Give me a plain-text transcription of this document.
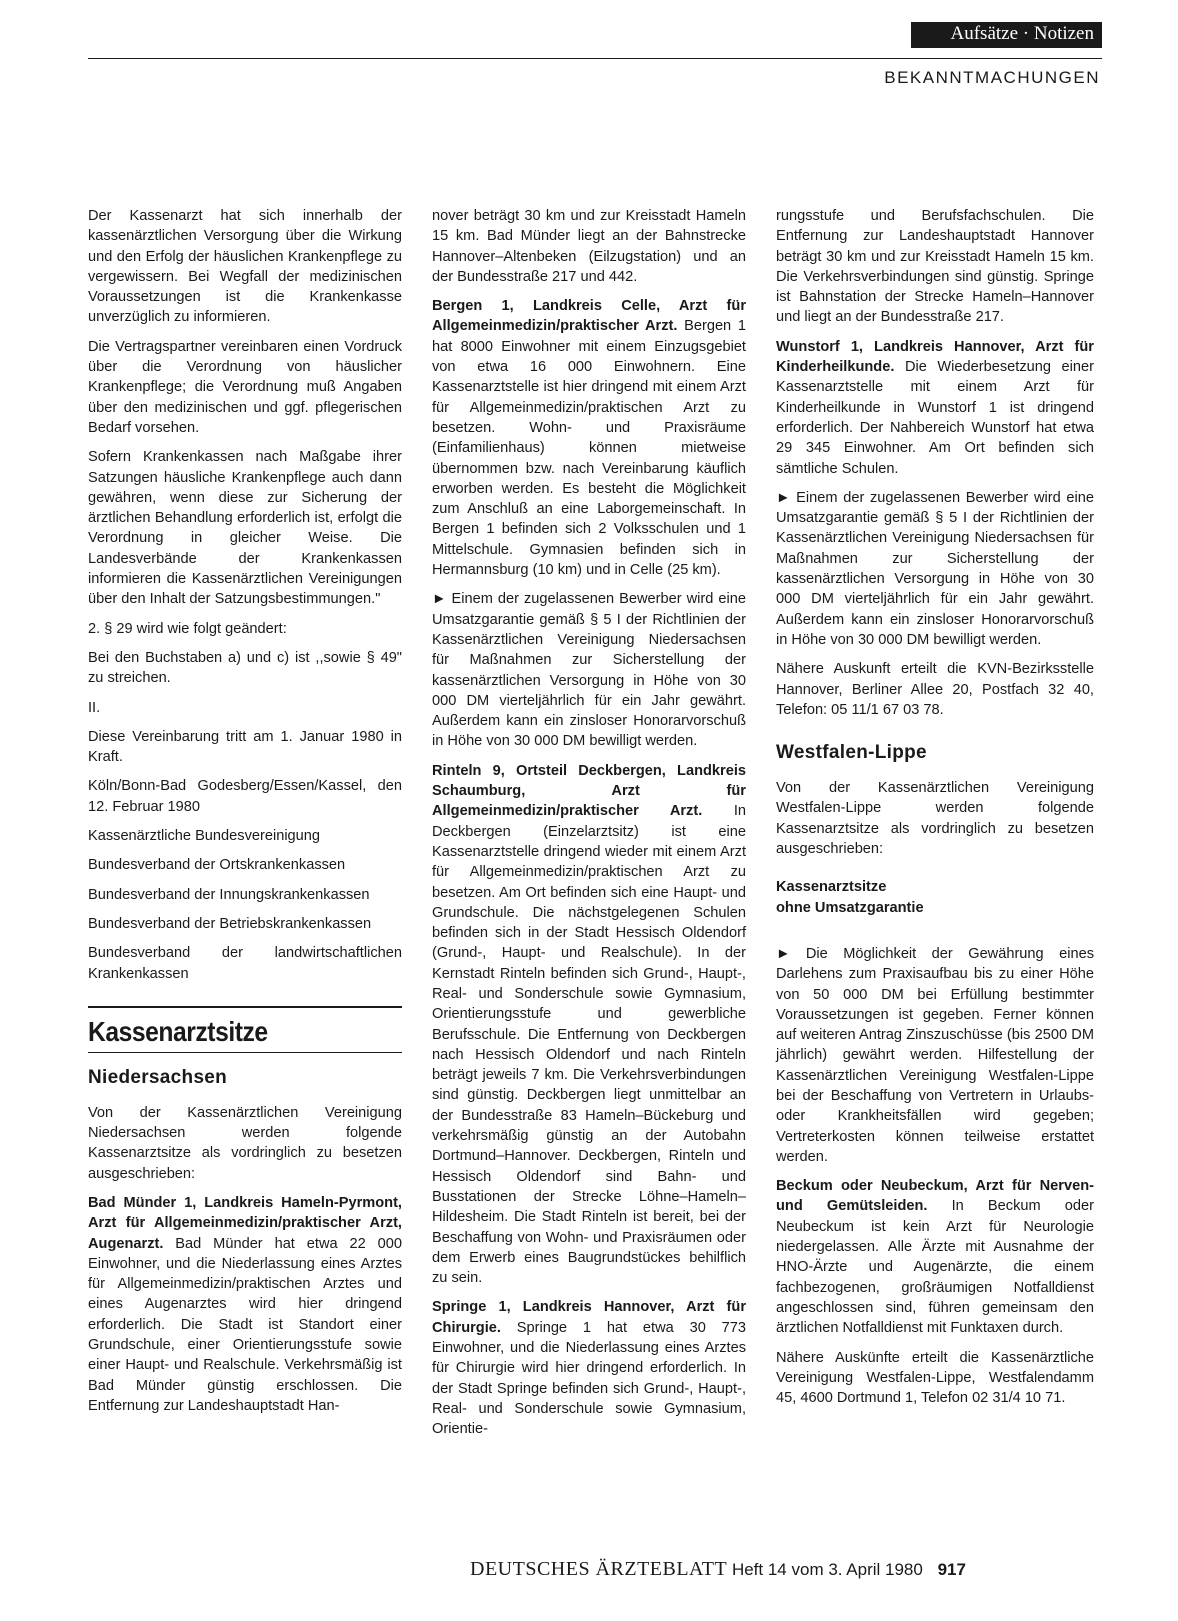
Aufsätze · Notizen
BEKANNTMACHUNGEN

Der Kassenarzt hat sich innerhalb der kassenärztlichen Versorgung über die Wirkung und den Erfolg der häuslichen Krankenpflege zu vergewissern. Bei Wegfall der medizinischen Voraussetzungen ist die Krankenkasse unverzüglich zu informieren.

Die Vertragspartner vereinbaren einen Vordruck über die Verordnung von häuslicher Krankenpflege; die Verordnung muß Angaben über den medizinischen und ggf. pflegerischen Bedarf vorsehen.

Sofern Krankenkassen nach Maßgabe ihrer Satzungen häusliche Krankenpflege auch dann gewähren, wenn diese zur Sicherung der ärztlichen Behandlung erforderlich ist, erfolgt die Verordnung in gleicher Weise. Die Landesverbände der Krankenkassen informieren die Kassenärztlichen Vereinigungen über den Inhalt der Satzungsbestimmungen."

2. § 29 wird wie folgt geändert:

Bei den Buchstaben a) und c) ist ,,sowie § 49" zu streichen.

II.

Diese Vereinbarung tritt am 1. Januar 1980 in Kraft.

Köln/Bonn-Bad Godesberg/Essen/Kassel, den 12. Februar 1980

Kassenärztliche Bundesvereinigung

Bundesverband der Ortskrankenkassen

Bundesverband der Innungskrankenkassen

Bundesverband der Betriebskrankenkassen

Bundesverband der landwirtschaftlichen Krankenkassen

Kassenarztsitze
Niedersachsen

Von der Kassenärztlichen Vereinigung Niedersachsen werden folgende Kassenarztsitze als vordringlich zu besetzen ausgeschrieben:

Bad Münder 1, Landkreis Hameln-Pyrmont, Arzt für Allgemeinmedizin/praktischer Arzt, Augenarzt. Bad Münder hat etwa 22 000 Einwohner, und die Niederlassung eines Arztes für Allgemeinmedizin/praktischen Arztes und eines Augenarztes wird hier dringend erforderlich. Die Stadt ist Standort einer Grundschule, einer Orientierungsstufe sowie einer Haupt- und Realschule. Verkehrsmäßig ist Bad Münder günstig erschlossen. Die Entfernung zur Landeshauptstadt Han-

nover beträgt 30 km und zur Kreisstadt Hameln 15 km. Bad Münder liegt an der Bahnstrecke Hannover–Altenbeken (Eilzugstation) und an der Bundesstraße 217 und 442.

Bergen 1, Landkreis Celle, Arzt für Allgemeinmedizin/praktischer Arzt. Bergen 1 hat 8000 Einwohner mit einem Einzugsgebiet von etwa 16 000 Einwohnern. Eine Kassenarztstelle ist hier dringend mit einem Arzt für Allgemeinmedizin/praktischen Arzt zu besetzen. Wohn- und Praxisräume (Einfamilienhaus) können mietweise übernommen bzw. nach Vereinbarung käuflich erworben werden. Es besteht die Möglichkeit zum Anschluß an eine Laborgemeinschaft. In Bergen 1 befinden sich 2 Volksschulen und 1 Mittelschule. Gymnasien befinden sich in Hermannsburg (10 km) und in Celle (25 km).

► Einem der zugelassenen Bewerber wird eine Umsatzgarantie gemäß § 5 I der Richtlinien der Kassenärztlichen Vereinigung Niedersachsen für Maßnahmen zur Sicherstellung der kassenärztlichen Versorgung in Höhe von 30 000 DM vierteljährlich für ein Jahr gewährt. Außerdem kann ein zinsloser Honorarvorschuß in Höhe von 30 000 DM bewilligt werden.

Rinteln 9, Ortsteil Deckbergen, Landkreis Schaumburg, Arzt für Allgemeinmedizin/praktischer Arzt. In Deckbergen (Einzelarztsitz) ist eine Kassenarztstelle dringend wieder mit einem Arzt für Allgemeinmedizin/praktischen Arzt zu besetzen. Am Ort befinden sich eine Haupt- und Grundschule. Die nächstgelegenen Schulen befinden sich in der Stadt Hessisch Oldendorf (Grund-, Haupt- und Realschule). In der Kernstadt Rinteln befinden sich Grund-, Haupt-, Real- und Sonderschule sowie Gymnasium, Orientierungsstufe und gewerbliche Berufsschule. Die Entfernung von Deckbergen nach Hessisch Oldendorf und nach Rinteln beträgt jeweils 7 km. Die Verkehrsverbindungen sind günstig. Deckbergen liegt unmittelbar an der Bundesstraße 83 Hameln–Bückeburg und verkehrsmäßig günstig an der Autobahn Dortmund–Hannover. Deckbergen, Rinteln und Hessisch Oldendorf sind Bahn- und Busstationen der Strecke Löhne–Hameln–Hildesheim. Die Stadt Rinteln ist bereit, bei der Beschaffung von Wohn- und Praxisräumen oder dem Erwerb eines Baugrundstückes behilflich zu sein.

Springe 1, Landkreis Hannover, Arzt für Chirurgie. Springe 1 hat etwa 30 773 Einwohner, und die Niederlassung eines Arztes für Chirurgie wird hier dringend erforderlich. In der Stadt Springe befinden sich Grund-, Haupt-, Real- und Sonderschule sowie Gymnasium, Orientie-

rungsstufe und Berufsfachschulen. Die Entfernung zur Landeshauptstadt Hannover beträgt 30 km und zur Kreisstadt Hameln 15 km. Die Verkehrsverbindungen sind günstig. Springe ist Bahnstation der Strecke Hameln–Hannover und liegt an der Bundesstraße 217.

Wunstorf 1, Landkreis Hannover, Arzt für Kinderheilkunde. Die Wiederbesetzung einer Kassenarztstelle mit einem Arzt für Kinderheilkunde in Wunstorf 1 ist dringend erforderlich. Der Nahbereich Wunstorf hat etwa 29 345 Einwohner. Am Ort befinden sich sämtliche Schulen.

► Einem der zugelassenen Bewerber wird eine Umsatzgarantie gemäß § 5 I der Richtlinien der Kassenärztlichen Vereinigung Niedersachsen für Maßnahmen zur Sicherstellung der kassenärztlichen Versorgung in Höhe von 30 000 DM vierteljährlich für ein Jahr gewährt. Außerdem kann ein zinsloser Honorarvorschuß in Höhe von 30 000 DM bewilligt werden.

Nähere Auskunft erteilt die KVN-Bezirksstelle Hannover, Berliner Allee 20, Postfach 32 40, Telefon: 05 11/1 67 03 78.

Westfalen-Lippe

Von der Kassenärztlichen Vereinigung Westfalen-Lippe werden folgende Kassenarztsitze als vordringlich zu besetzen ausgeschrieben:

Kassenarztsitze
ohne Umsatzgarantie

► Die Möglichkeit der Gewährung eines Darlehens zum Praxisaufbau bis zu einer Höhe von 50 000 DM bei Erfüllung bestimmter Voraussetzungen ist gegeben. Ferner können auf weiteren Antrag Zinszuschüsse (bis 2500 DM jährlich) gewährt werden. Hilfestellung der Kassenärztlichen Vereinigung Westfalen-Lippe bei der Beschaffung von Vertretern in Urlaubs- oder Krankheitsfällen wird gegeben; Vertreterkosten können teilweise erstattet werden.

Beckum oder Neubeckum, Arzt für Nerven- und Gemütsleiden. In Beckum oder Neubeckum ist kein Arzt für Neurologie niedergelassen. Alle Ärzte mit Ausnahme der HNO-Ärzte und Augenärzte, die einem fachbezogenen, großräumigen Notfalldienst angeschlossen sind, führen gemeinsam den ärztlichen Notfalldienst mit Funktaxen durch.

Nähere Auskünfte erteilt die Kassenärztliche Vereinigung Westfalen-Lippe, Westfalendamm 45, 4600 Dortmund 1, Telefon 02 31/4 10 71.

DEUTSCHES ÄRZTEBLATT Heft 14 vom 3. April 1980 917
